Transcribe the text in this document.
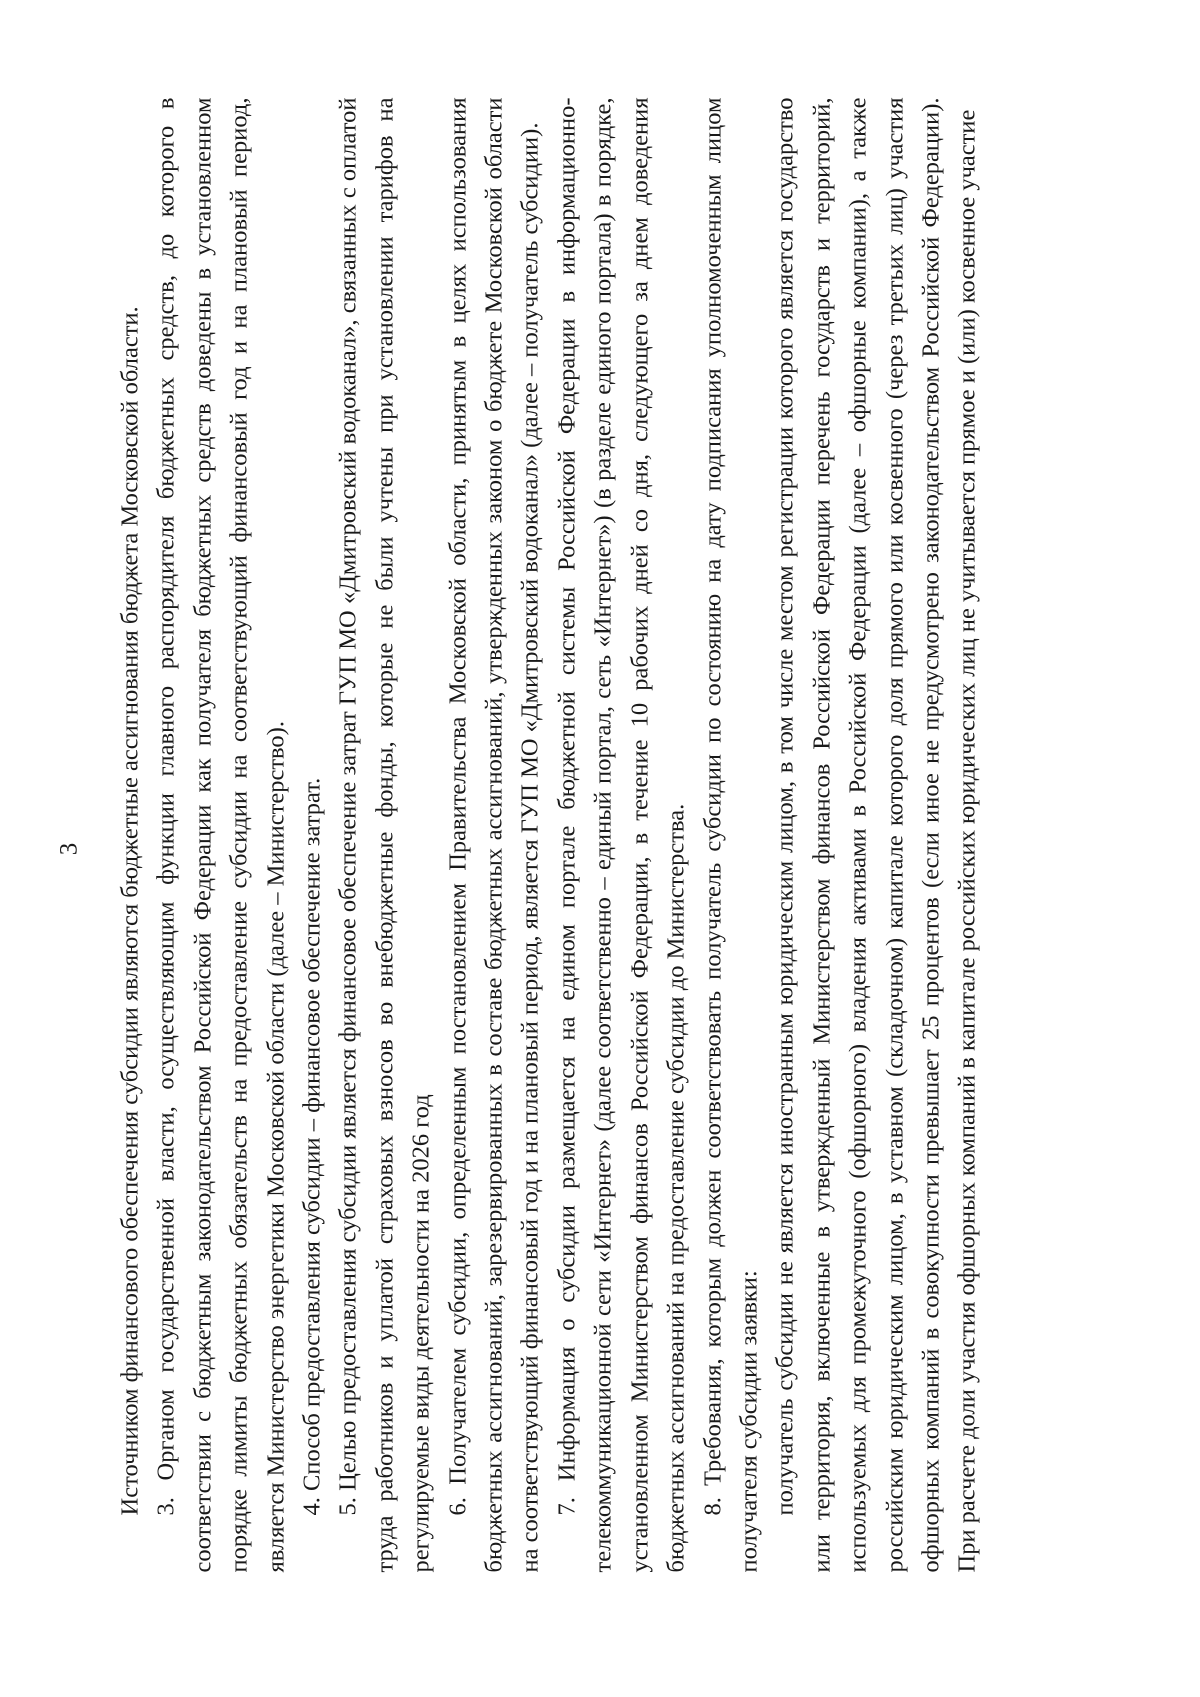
3 Источником финансового обеспечения субсидии являются бюджетные ассигнования бюджета Московской области. 3. Органом государственной власти, осуществляющим функции главного распорядителя бюджетных средств, до которого в соответствии с бюджетным законодательством Российской Федерации как получателя бюджетных средств доведены в установленном порядке лимиты бюджетных обязательств на предоставление субсидии на соответствующий финансовый год и на плановый период, является Министерство энергетики Московской области (далее – Министерство). 4. Способ предоставления субсидии – финансовое обеспечение затрат. 5. Целью предоставления субсидии является финансовое обеспечение затрат ГУП МО «Дмитровский водоканал», связанных с оплатой труда работников и уплатой страховых взносов во внебюджетные фонды, которые не были учтены при установлении тарифов на регулируемые виды деятельности на 2026 год 6. Получателем субсидии, определенным постановлением Правительства Московской области, принятым в целях использования бюджетных ассигнований, зарезервированных в составе бюджетных ассигнований, утвержденных законом о бюджете Московской области на соответствующий финансовый год и на плановый период, является ГУП МО «Дмитровский водоканал» (далее – получатель субсидии). 7. Информация о субсидии размещается на едином портале бюджетной системы Российской Федерации в информационно-телекоммуникационной сети «Интернет» (далее соответственно – единый портал, сеть «Интернет») (в разделе единого портала) в порядке, установленном Министерством финансов Российской Федерации, в течение 10 рабочих дней со дня, следующего за днем доведения бюджетных ассигнований на предоставление субсидии до Министерства. 8. Требования, которым должен соответствовать получатель субсидии по состоянию на дату подписания уполномоченным лицом получателя субсидии заявки: получатель субсидии не является иностранным юридическим лицом, в том числе местом регистрации которого является государство или территория, включенные в утвержденный Министерством финансов Российской Федерации перечень государств и территорий, используемых для промежуточного (офшорного) владения активами в Российской Федерации (далее – офшорные компании), а также российским юридическим лицом, в уставном (складочном) капитале которого доля прямого или косвенного (через третьих лиц) участия офшорных компаний в совокупности превышает 25 процентов (если иное не предусмотрено законодательством Российской Федерации). При расчете доли участия офшорных компаний в капитале российских юридических лиц не учитывается прямое и (или) косвенное участие
